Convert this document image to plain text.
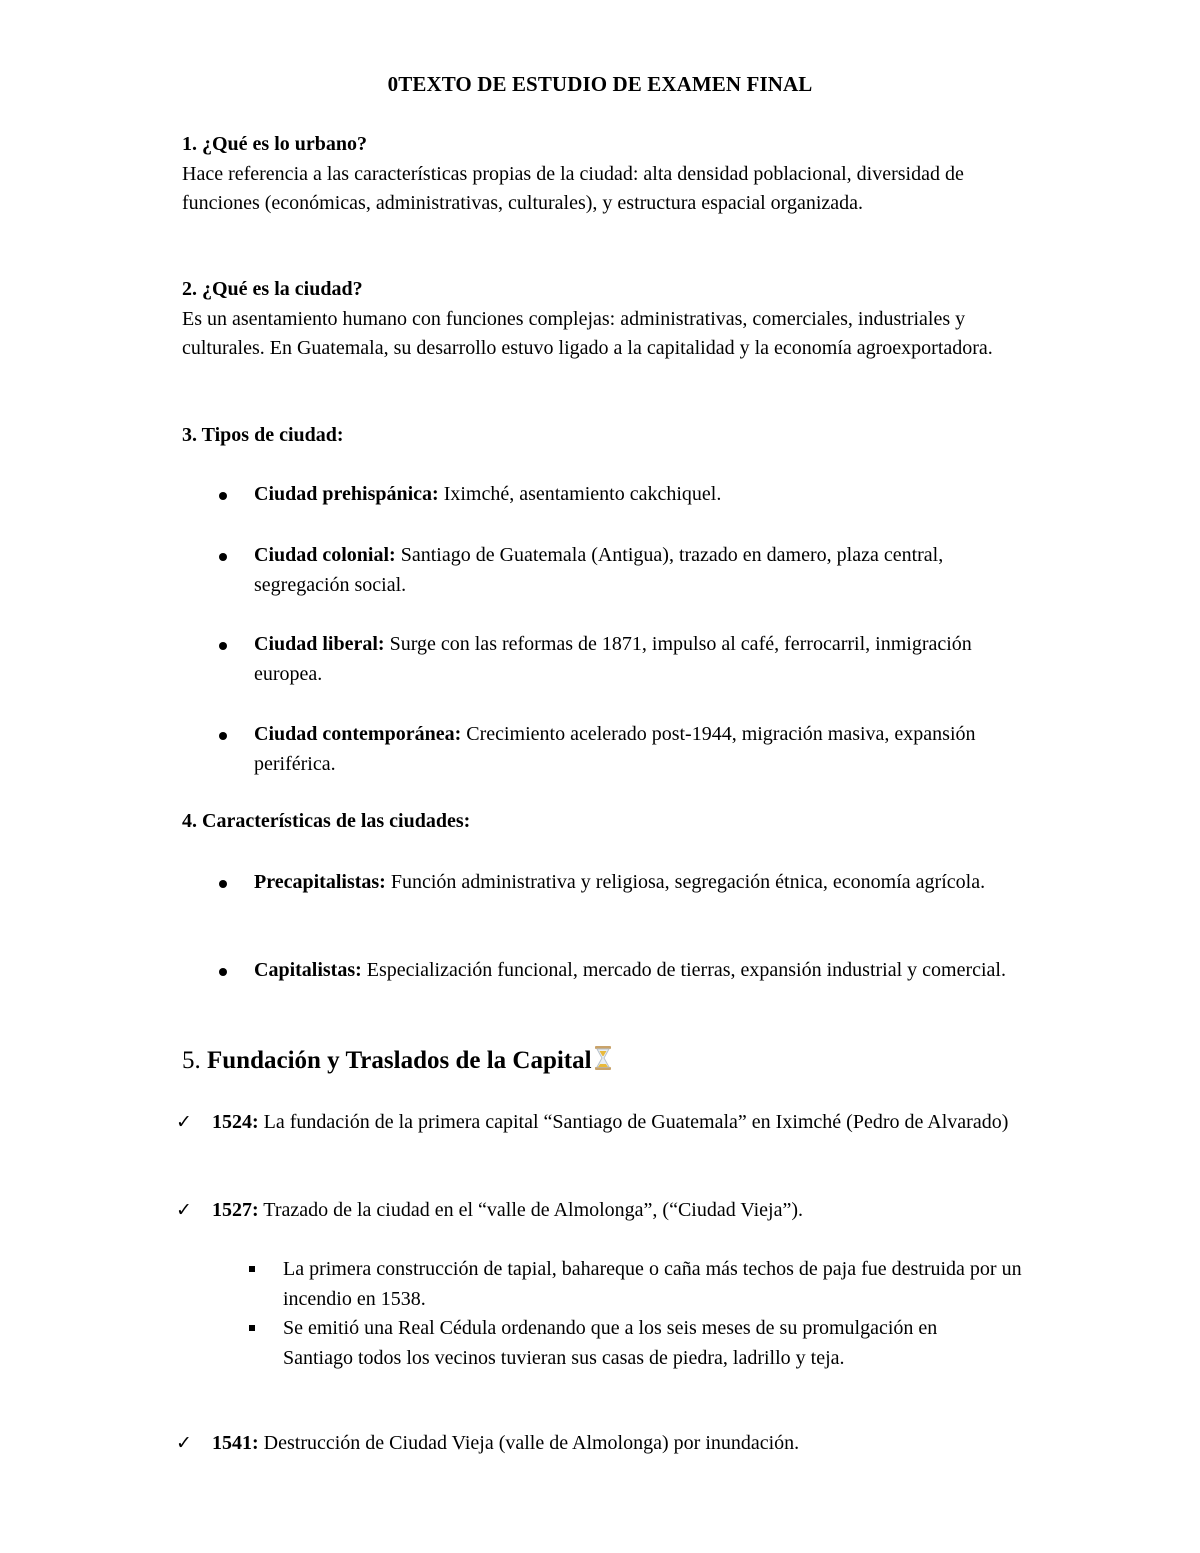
0TEXTO DE ESTUDIO DE EXAMEN FINAL

1. ¿Qué es lo urbano?

Hace referencia a las características propias de la ciudad: alta densidad poblacional, diversidad de funciones (económicas, administrativas, culturales), y estructura espacial organizada.

2. ¿Qué es la ciudad?

Es un asentamiento humano con funciones complejas: administrativas, comerciales, industriales y culturales. En Guatemala, su desarrollo estuvo ligado a la capitalidad y la economía agroexportadora.

3. Tipos de ciudad:

Ciudad prehispánica: Iximché, asentamiento cakchiquel.
Ciudad colonial: Santiago de Guatemala (Antigua), trazado en damero, plaza central, segregación social.
Ciudad liberal: Surge con las reformas de 1871, impulso al café, ferrocarril, inmigración europea.
Ciudad contemporánea: Crecimiento acelerado post-1944, migración masiva, expansión periférica.

4. Características de las ciudades:

Precapitalistas: Función administrativa y religiosa, segregación étnica, economía agrícola.
Capitalistas: Especialización funcional, mercado de tierras, expansión industrial y comercial.
5. Fundación y Traslados de la Capital
✓ 1524: La fundación de la primera capital “Santiago de Guatemala” en Iximché (Pedro de Alvarado)
✓ 1527: Trazado de la ciudad en el “valle de Almolonga”, (“Ciudad Vieja”).
✓ 1541: Destrucción de Ciudad Vieja (valle de Almolonga) por inundación.
La primera construcción de tapial, bahareque o caña más techos de paja fue destruida por un incendio en 1538.
Se emitió una Real Cédula ordenando que a los seis meses de su promulgación en Santiago todos los vecinos tuvieran sus casas de piedra, ladrillo y teja.
